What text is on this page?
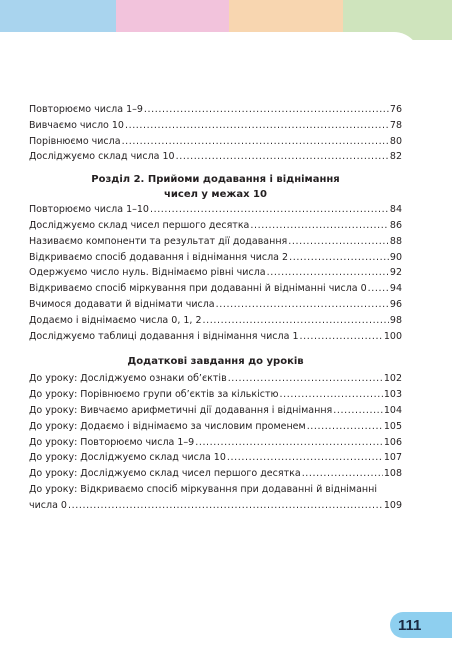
Повторюємо числа 1–9 .....	76
Вивчаємо число 10 .....	78
Порівнюємо числа .....	80
Досліджуємо склад числа 10 .....	82
Розділ 2. Прийоми додавання і віднімання
чисел у межах 10
Повторюємо числа 1–10 .....	84
Досліджуємо склад чисел першого десятка .....	86
Називаємо компоненти та результат дії додавання .....	88
Відкриваємо спосіб додавання і віднімання числа 2 .....	90
Одержуємо число нуль. Віднімаємо рівні числа .....	92
Відкриваємо спосіб міркування при додаванні й відніманні числа 0 ..... 94
Вчимося додавати й віднімати числа .....	96
Додаємо і віднімаємо числа 0, 1, 2 .....	98
Досліджуємо таблиці додавання і віднімання числа 1 .....	100
Додаткові завдання до уроків
До уроку: Досліджуємо ознаки об’єктів .....	102
До уроку: Порівнюємо групи об’єктів за кількістю .....	103
До уроку: Вивчаємо арифметичні дії додавання і віднімання .....	104
До уроку: Додаємо і віднімаємо за числовим променем .....	105
До уроку: Повторюємо числа 1–9 .....	106
До уроку: Досліджуємо склад числа 10 .....	107
До уроку: Досліджуємо склад чисел першого десятка .....	108
До уроку: Відкриваємо спосіб міркування при додаванні й відніманні
числа 0 .....	109
111
